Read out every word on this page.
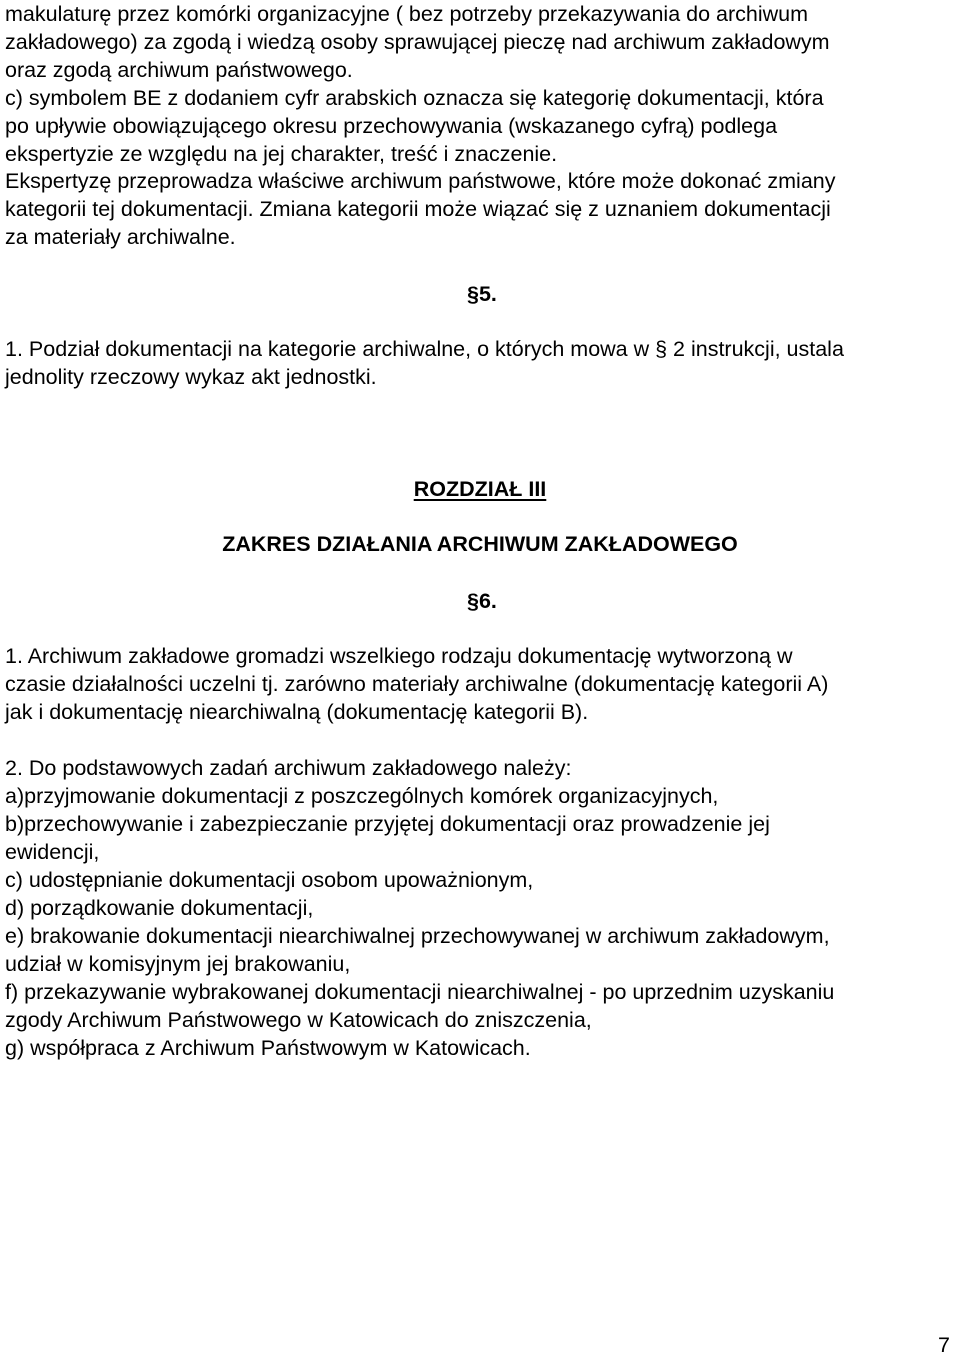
makulaturę przez komórki organizacyjne ( bez potrzeby przekazywania do archiwum
zakładowego) za zgodą i wiedzą osoby sprawującej pieczę nad archiwum zakładowym
oraz zgodą archiwum państwowego.
c) symbolem BE z dodaniem cyfr arabskich oznacza się kategorię dokumentacji, która
po upływie obowiązującego okresu przechowywania (wskazanego cyfrą) podlega
ekspertyzie ze względu na jej charakter, treść i znaczenie.
Ekspertyzę przeprowadza właściwe archiwum państwowe, które może dokonać zmiany
kategorii tej dokumentacji. Zmiana kategorii może wiązać się z uznaniem dokumentacji
za materiały archiwalne.
§5.
1. Podział dokumentacji na kategorie archiwalne, o których mowa w § 2 instrukcji, ustala
jednolity rzeczowy wykaz akt jednostki.
ROZDZIAŁ III
ZAKRES DZIAŁANIA ARCHIWUM ZAKŁADOWEGO
§6.
1. Archiwum zakładowe gromadzi wszelkiego rodzaju dokumentację wytworzoną w
czasie działalności uczelni tj. zarówno materiały archiwalne (dokumentację kategorii A)
jak i dokumentację niearchiwalną (dokumentację kategorii B).
2. Do podstawowych zadań archiwum zakładowego należy:
a)przyjmowanie dokumentacji z poszczególnych komórek organizacyjnych,
b)przechowywanie i zabezpieczanie przyjętej dokumentacji oraz prowadzenie jej
ewidencji,
c) udostępnianie dokumentacji osobom upoważnionym,
d) porządkowanie dokumentacji,
e) brakowanie dokumentacji niearchiwalnej przechowywanej w archiwum zakładowym,
udział w komisyjnym jej brakowaniu,
f) przekazywanie wybrakowanej dokumentacji niearchiwalnej - po uprzednim uzyskaniu
zgody Archiwum Państwowego w Katowicach do zniszczenia,
g) współpraca z Archiwum Państwowym w Katowicach.
7
